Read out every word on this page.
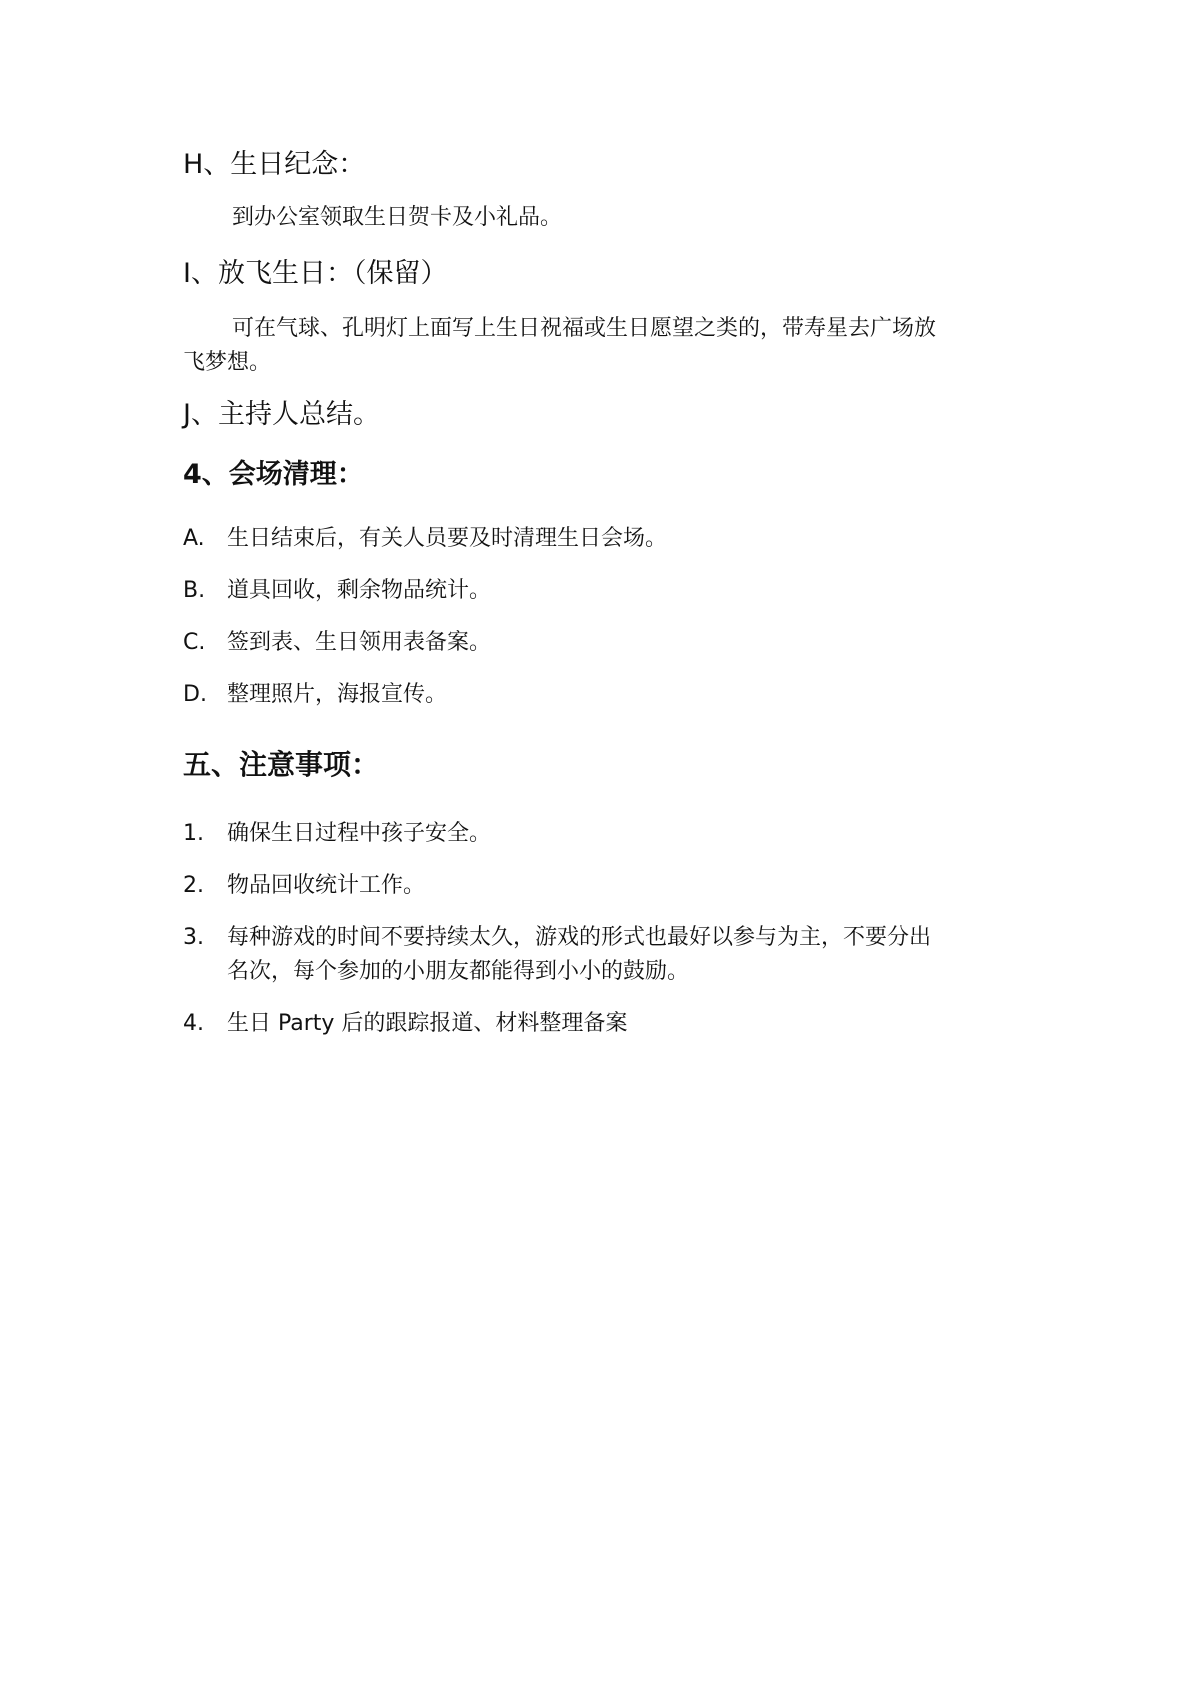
H、生日纪念：
到办公室领取生日贺卡及小礼品。
I、放飞生日：（保留）
可在气球、孔明灯上面写上生日祝福或生日愿望之类的，带寿星去广场放
飞梦想。
J、主持人总结。
4、会场清理：
A.	生日结束后，有关人员要及时清理生日会场。
B. 道具回收，剩余物品统计。
C. 签到表、生日领用表备案。
D. 整理照片，海报宣传。
五、注意事项：
1.	确保生日过程中孩子安全。
2.	物品回收统计工作。
3.	每种游戏的时间不要持续太久，游戏的形式也最好以参与为主，不要分出
名次，每个参加的小朋友都能得到小小的鼓励。
4.	生日 Party 后的跟踪报道、材料整理备案
